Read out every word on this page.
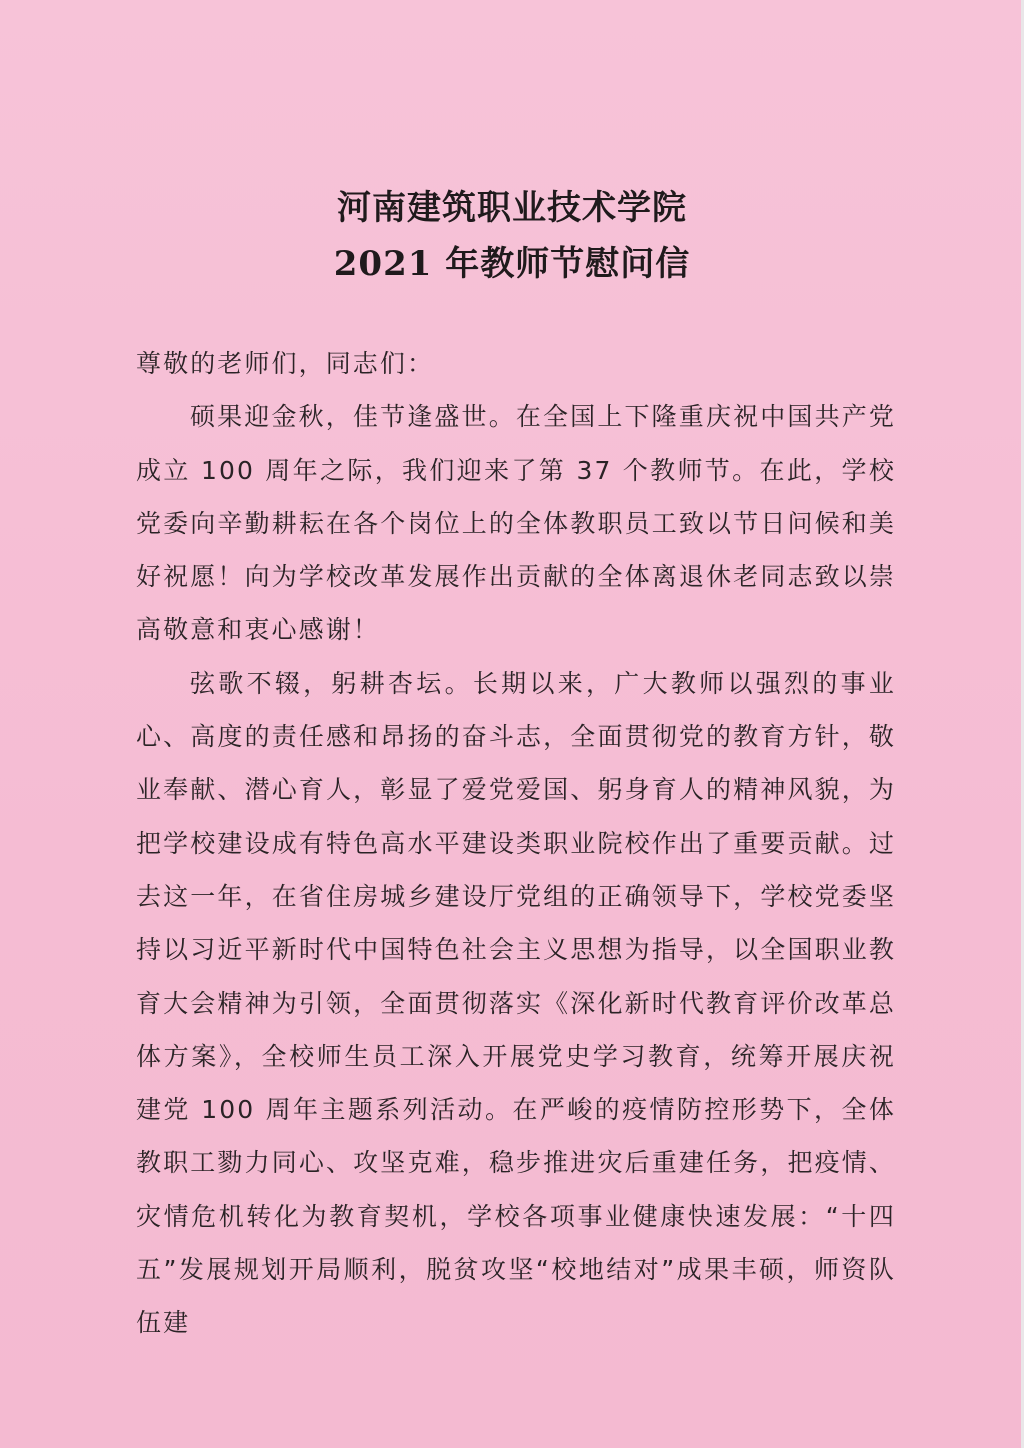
河南建筑职业技术学院
2021 年教师节慰问信

尊敬的老师们，同志们：

硕果迎金秋，佳节逢盛世。在全国上下隆重庆祝中国共产党成立 100 周年之际，我们迎来了第 37 个教师节。在此，学校党委向辛勤耕耘在各个岗位上的全体教职员工致以节日问候和美好祝愿！向为学校改革发展作出贡献的全体离退休老同志致以崇高敬意和衷心感谢！

弦歌不辍，躬耕杏坛。长期以来，广大教师以强烈的事业心、高度的责任感和昂扬的奋斗志，全面贯彻党的教育方针，敬业奉献、潜心育人，彰显了爱党爱国、躬身育人的精神风貌，为把学校建设成有特色高水平建设类职业院校作出了重要贡献。过去这一年，在省住房城乡建设厅党组的正确领导下，学校党委坚持以习近平新时代中国特色社会主义思想为指导，以全国职业教育大会精神为引领，全面贯彻落实《深化新时代教育评价改革总体方案》，全校师生员工深入开展党史学习教育，统筹开展庆祝建党 100 周年主题系列活动。在严峻的疫情防控形势下，全体教职工勠力同心、攻坚克难，稳步推进灾后重建任务，把疫情、灾情危机转化为教育契机，学校各项事业健康快速发展：“十四五”发展规划开局顺利，脱贫攻坚“校地结对”成果丰硕，师资队伍建
